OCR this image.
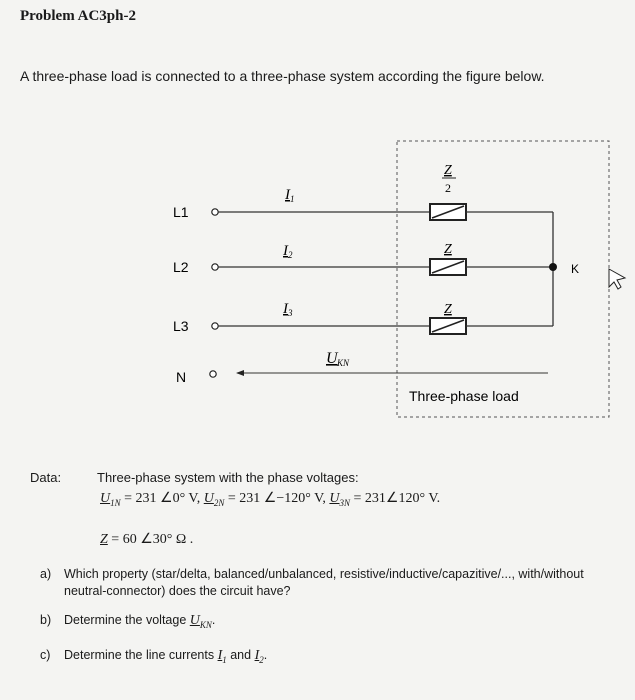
Problem AC3ph-2
A three-phase load is connected to a three-phase system according the figure below.
Three-phase load
L1
L2
L3
N
K
U KN
I 1
I 2
I 3
Z
2
Z
Z
Data:	Three-phase system with the phase voltages:
$U_{1N} = 231$ ∠0° V, $U_{2N} = 231$ ∠−120° V, $U_{3N}$ = 231∠120° V.
Z = 60 ∠30° Ω .
a) Which property (star/delta, balanced/unbalanced, resistive/inductive/capazitive/..., with/without neutral-connector) does the circuit have?
b) Determine the voltage $U_{KN}$.
c) Determine the line currents $I_1$ and $I_2$.
